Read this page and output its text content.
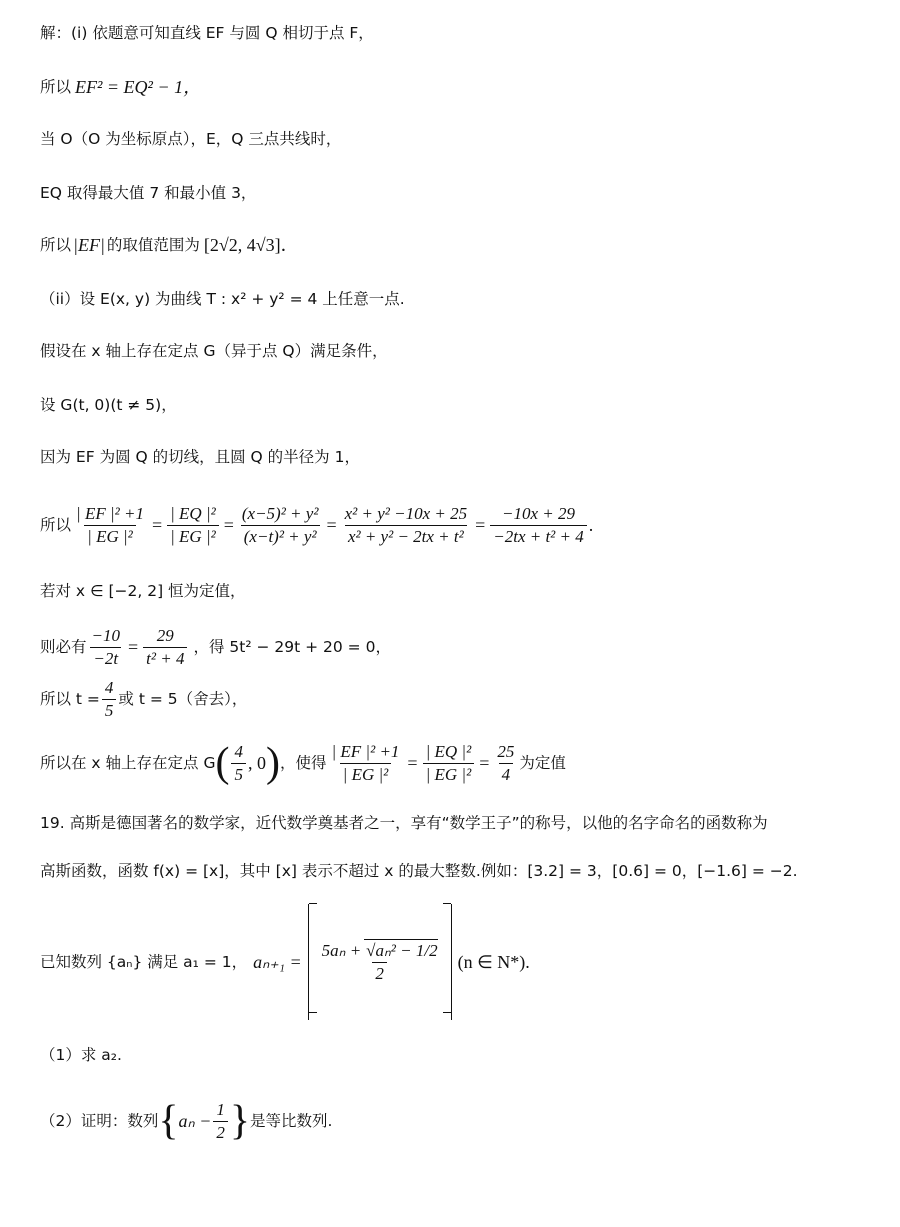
解：(i) 依题意可知直线 EF 与圆 Q 相切于点 F，
所以 EF² = EQ² − 1，
当 O（O 为坐标原点），E，Q 三点共线时，
EQ 取得最大值 7 和最小值 3，
所以 |EF| 的取值范围为 [2√2, 4√3]．
（ii）设 E(x, y) 为曲线 T : x² + y² = 4 上任意一点.
假设在 x 轴上存在定点 G（异于点 Q）满足条件，
设 G(t, 0)(t ≠ 5)，
因为 EF 为圆 Q 的切线，且圆 Q 的半径为 1，
所以 $\frac{\text{| EF |² +1}}{\text{| EG |²}} = \frac{\text{| EQ |²}}{\text{| EG |²}} = \frac{\text{(x−5)² + y²}}{\text{(x−t)² + y²}} = \frac{\text{x² + y² −10x + 25}}{\text{x² + y² − 2tx + t²}} = \frac{-10x + 29}{\text{−2tx + t² + 4}}$ .
若对 x ∈ [−2, 2] 恒为定值，
则必有 $\frac{-10}{-2t} = \frac{29}{\text{t² + 4}}$ ，得 5t² − 29t + 20 = 0，
所以 $t = \frac{4}{5}$ 或 t = 5（舍去），
所以在 x 轴上存在定点 G ( $\frac{4}{5}$ , 0 ) ，使得 $\frac{\text{| EF |² +1}}{\text{| EG |²}} = \frac{\text{| EQ |²}}{\text{| EG |²}} = \frac{25}{4}$ 为定值
19. 高斯是德国著名的数学家，近代数学奠基者之一，享有“数学王子”的称号，以他的名字命名的函数称为
高斯函数，函数 f(x) = [x]，其中 [x] 表示不超过 x 的最大整数.例如：[3.2] = 3，[0.6] = 0，[−1.6] = −2.
已知数列 {aₙ} 满足 a₁ = 1， $a_{n+1} = \frac{\text{5aₙ + √aₙ² − 1/2}}{2} (n$ ∈ N*).
（1）求 a₂.
（2）证明：数列 { $a_n - \frac{1}{2}$ } 是等比数列.
